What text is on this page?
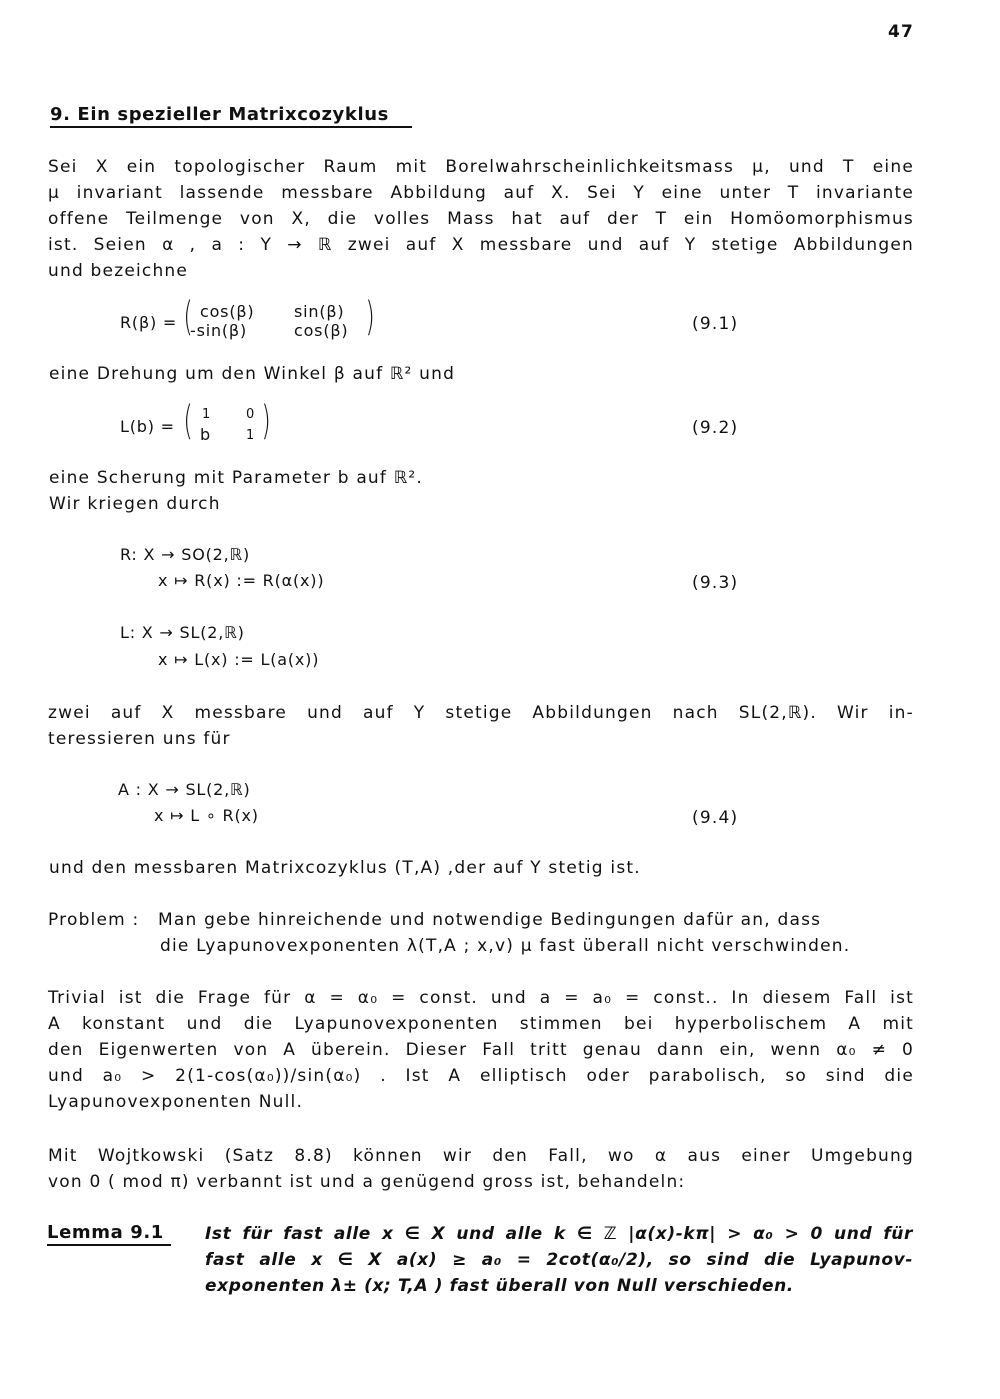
47
9. Ein spezieller Matrixcozyklus
Sei X ein topologischer Raum mit Borelwahrscheinlichkeitsmass μ, und T eine
μ invariant lassende messbare Abbildung auf X. Sei Y eine unter T invariante
offene Teilmenge von X, die volles Mass hat auf der T ein Homöomorphismus
ist. Seien α , a : Y → ℝ zwei auf X messbare und auf Y stetige Abbildungen
und bezeichne
R(β) = ( cos(β) sin(β)
-sin(β)	cos(β) )	(9.1)
eine Drehung um den Winkel β auf ℝ² und
L(b) = ( 1	0
b	1 )	(9.2)
eine Scherung mit Parameter b auf ℝ².
Wir kriegen durch
R: X → SO(2,ℝ)
x ↦ R(x) := R(α(x))	(9.3)
L: X → SL(2,ℝ)
x ↦ L(x) := L(a(x))
zwei auf X messbare und auf Y stetige Abbildungen nach SL(2,ℝ). Wir in-
teressieren uns für
A : X → SL(2,ℝ)
x ↦ L ∘ R(x)	(9.4)
und den messbaren Matrixcozyklus (T,A) ,der auf Y stetig ist.
Problem : Man gebe hinreichende und notwendige Bedingungen dafür an, dass
die Lyapunovexponenten λ(T,A ; x,v) μ fast überall nicht verschwinden.
Trivial ist die Frage für α = α₀ = const. und a = a₀ = const.. In diesem Fall ist
A konstant und die Lyapunovexponenten stimmen bei hyperbolischem A mit
den Eigenwerten von A überein. Dieser Fall tritt genau dann ein, wenn α₀ ≠ 0
und a₀ > 2(1-cos(α₀))/sin(α₀) . Ist A elliptisch oder parabolisch, so sind die
Lyapunovexponenten Null.
Mit Wojtkowski (Satz 8.8) können wir den Fall, wo α aus einer Umgebung
von 0 ( mod π) verbannt ist und a genügend gross ist, behandeln:
Lemma 9.1 Ist für fast alle x ∈ X und alle k ∈ ℤ |α(x)-kπ| > α₀ > 0 und für
fast alle x ∈ X a(x) ≥ a₀ = 2cot(α₀/2), so sind die Lyapunov-
exponenten λ± (x; T,A ) fast überall von Null verschieden.
